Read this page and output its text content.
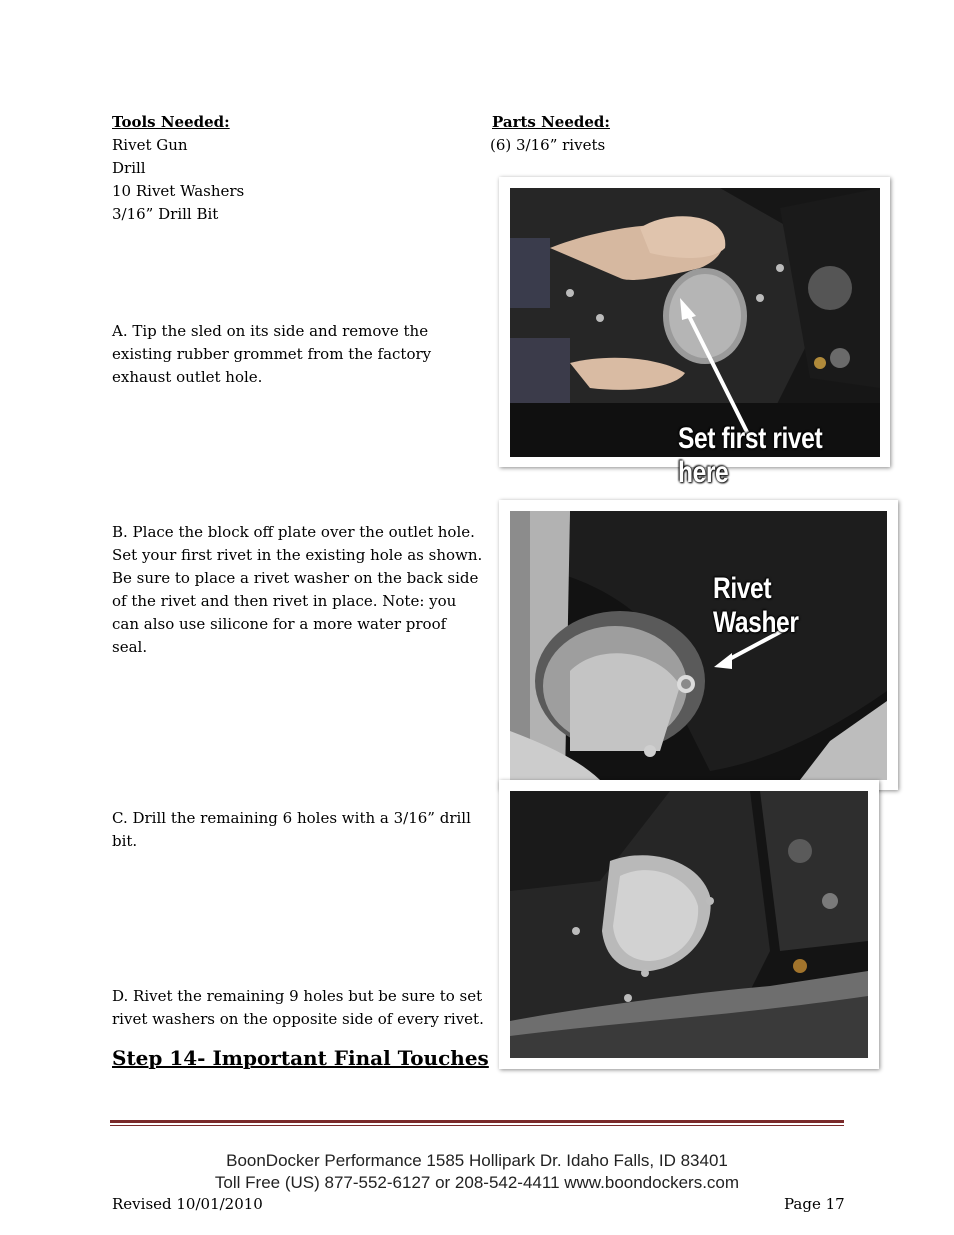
Tools Needed:
Rivet Gun
Drill
10 Rivet Washers
3/16” Drill Bit
Parts Needed:
(6) 3/16” rivets
A. Tip the sled on its side and remove the existing rubber grommet from the factory exhaust outlet hole.
B. Place the block off plate over the outlet hole. Set your first rivet in the existing hole as shown. Be sure to place a rivet washer on the back side of the rivet and then rivet in place. Note: you can also use silicone for a more water proof seal.
C. Drill the remaining 6 holes with a 3/16” drill bit.
D. Rivet the remaining 9 holes but be sure to set rivet washers on the opposite side of every rivet.
Set first rivet here
Rivet Washer
Step 14- Important Final Touches
BoonDocker Performance 1585 Hollipark Dr. Idaho Falls, ID 83401
Toll Free (US) 877-552-6127 or 208-542-4411 www.boondockers.com
Revised 10/01/2010	Page 17
